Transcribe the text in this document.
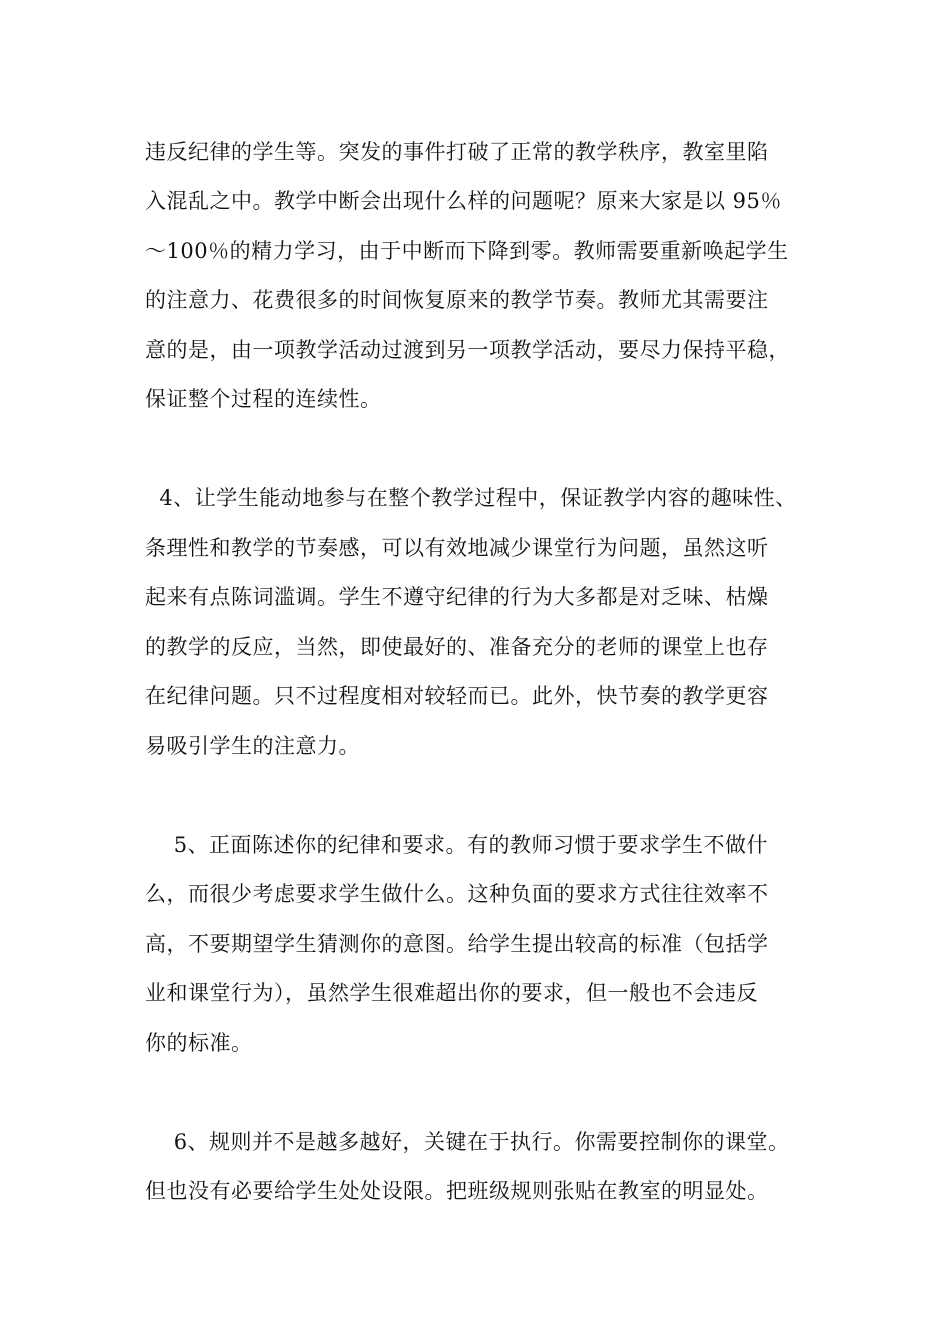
违反纪律的学生等。突发的事件打破了正常的教学秩序，教室里陷
入混乱之中。教学中断会出现什么样的问题呢？原来大家是以 95％
～100％的精力学习，由于中断而下降到零。教师需要重新唤起学生
的注意力、花费很多的时间恢复原来的教学节奏。教师尤其需要注
意的是，由一项教学活动过渡到另一项教学活动，要尽力保持平稳，
保证整个过程的连续性。
4、让学生能动地参与在整个教学过程中，保证教学内容的趣味性、
条理性和教学的节奏感，可以有效地减少课堂行为问题，虽然这听
起来有点陈词滥调。学生不遵守纪律的行为大多都是对乏味、枯燥
的教学的反应，当然，即使最好的、准备充分的老师的课堂上也存
在纪律问题。只不过程度相对较轻而已。此外，快节奏的教学更容
易吸引学生的注意力。
5、正面陈述你的纪律和要求。有的教师习惯于要求学生不做什
么，而很少考虑要求学生做什么。这种负面的要求方式往往效率不
高，不要期望学生猜测你的意图。给学生提出较高的标准（包括学
业和课堂行为），虽然学生很难超出你的要求，但一般也不会违反
你的标准。
6、规则并不是越多越好，关键在于执行。你需要控制你的课堂。
但也没有必要给学生处处设限。把班级规则张贴在教室的明显处。
